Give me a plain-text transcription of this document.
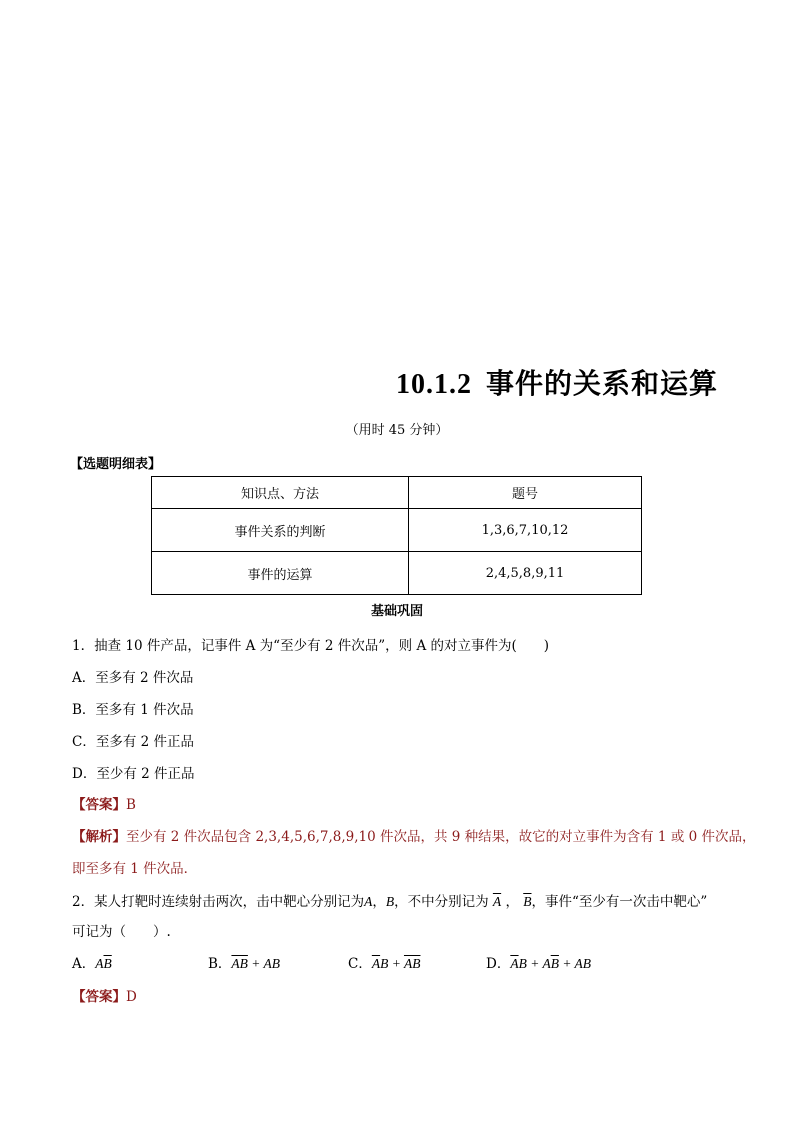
10.1.2 事件的关系和运算
（用时 45 分钟）
【选题明细表】
知识点、方法	题号
事件关系的判断	1,3,6,7,10,12
事件的运算	2,4,5,8,9,11
基础巩固
1．抽查 10 件产品，记事件 A 为“至少有 2 件次品”，则 A 的对立事件为(　　)
A．至多有 2 件次品
B．至多有 1 件次品
C．至多有 2 件正品
D．至少有 2 件正品
【答案】B
【解析】至少有 2 件次品包含 2,3,4,5,6,7,8,9,10 件次品，共 9 种结果，故它的对立事件为含有 1 或 0 件次品，
即至多有 1 件次品．
2．某人打靶时连续射击两次，击中靶心分别记为A，B，不中分别记为 $\overline{A}$ ， $\overline{B}$，事件“至少有一次击中靶心”
可记为（　　）.
A．$A\overline{B}$	B．$\overline{AB}$ + AB	C．$\overline{A}B + \overline{AB}$	D．$\overline{A}B + A\overline{B}$ + AB
【答案】D
